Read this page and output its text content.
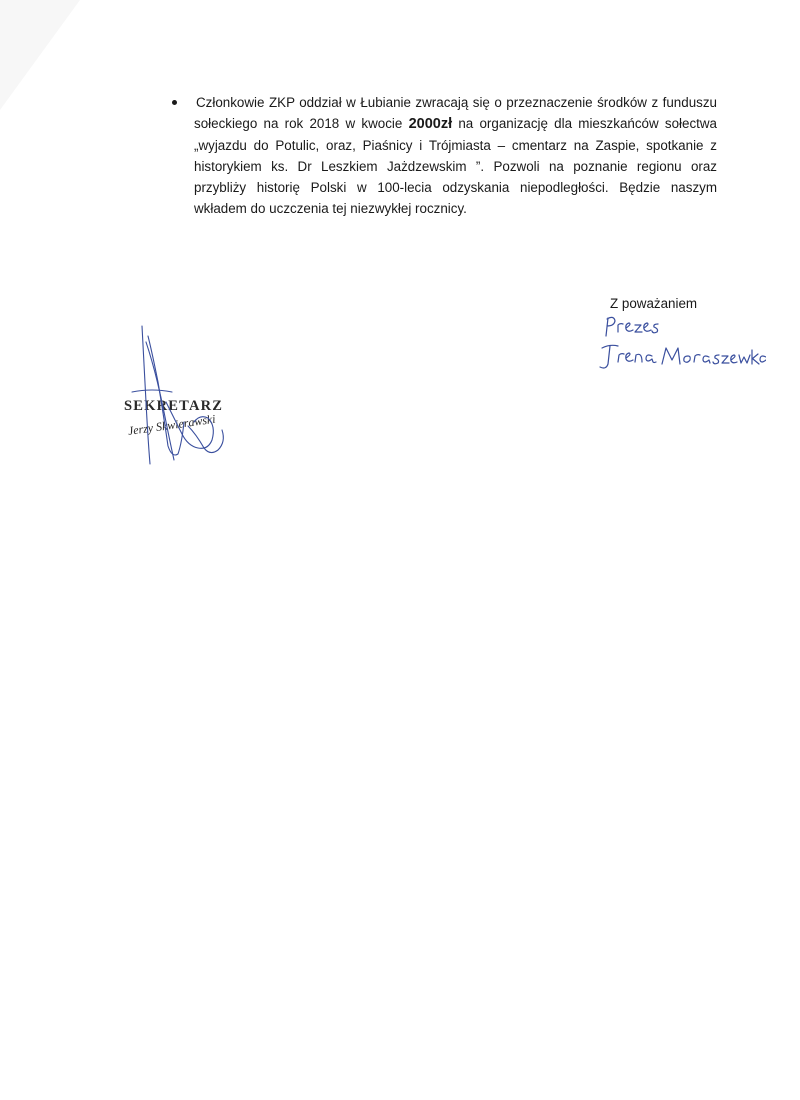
Członkowie ZKP oddział w Łubianie zwracają się o przeznaczenie środków z funduszu
sołeckiego na rok 2018 w kwocie 2000zł na organizację dla mieszkańców sołectwa
„wyjazdu do Potulic, oraz, Piaśnicy i Trójmiasta – cmentarz na Zaspie, spotkanie z
historykiem ks. Dr Leszkiem Jażdzewskim ”. Pozwoli na poznanie regionu oraz
przybliży historię Polski w 100-lecia odzyskania niepodległości. Będzie naszym
wkładem do uczczenia tej niezwykłej rocznicy.
Z poważaniem
SEKRETARZ
Jerzy Skwierawski
